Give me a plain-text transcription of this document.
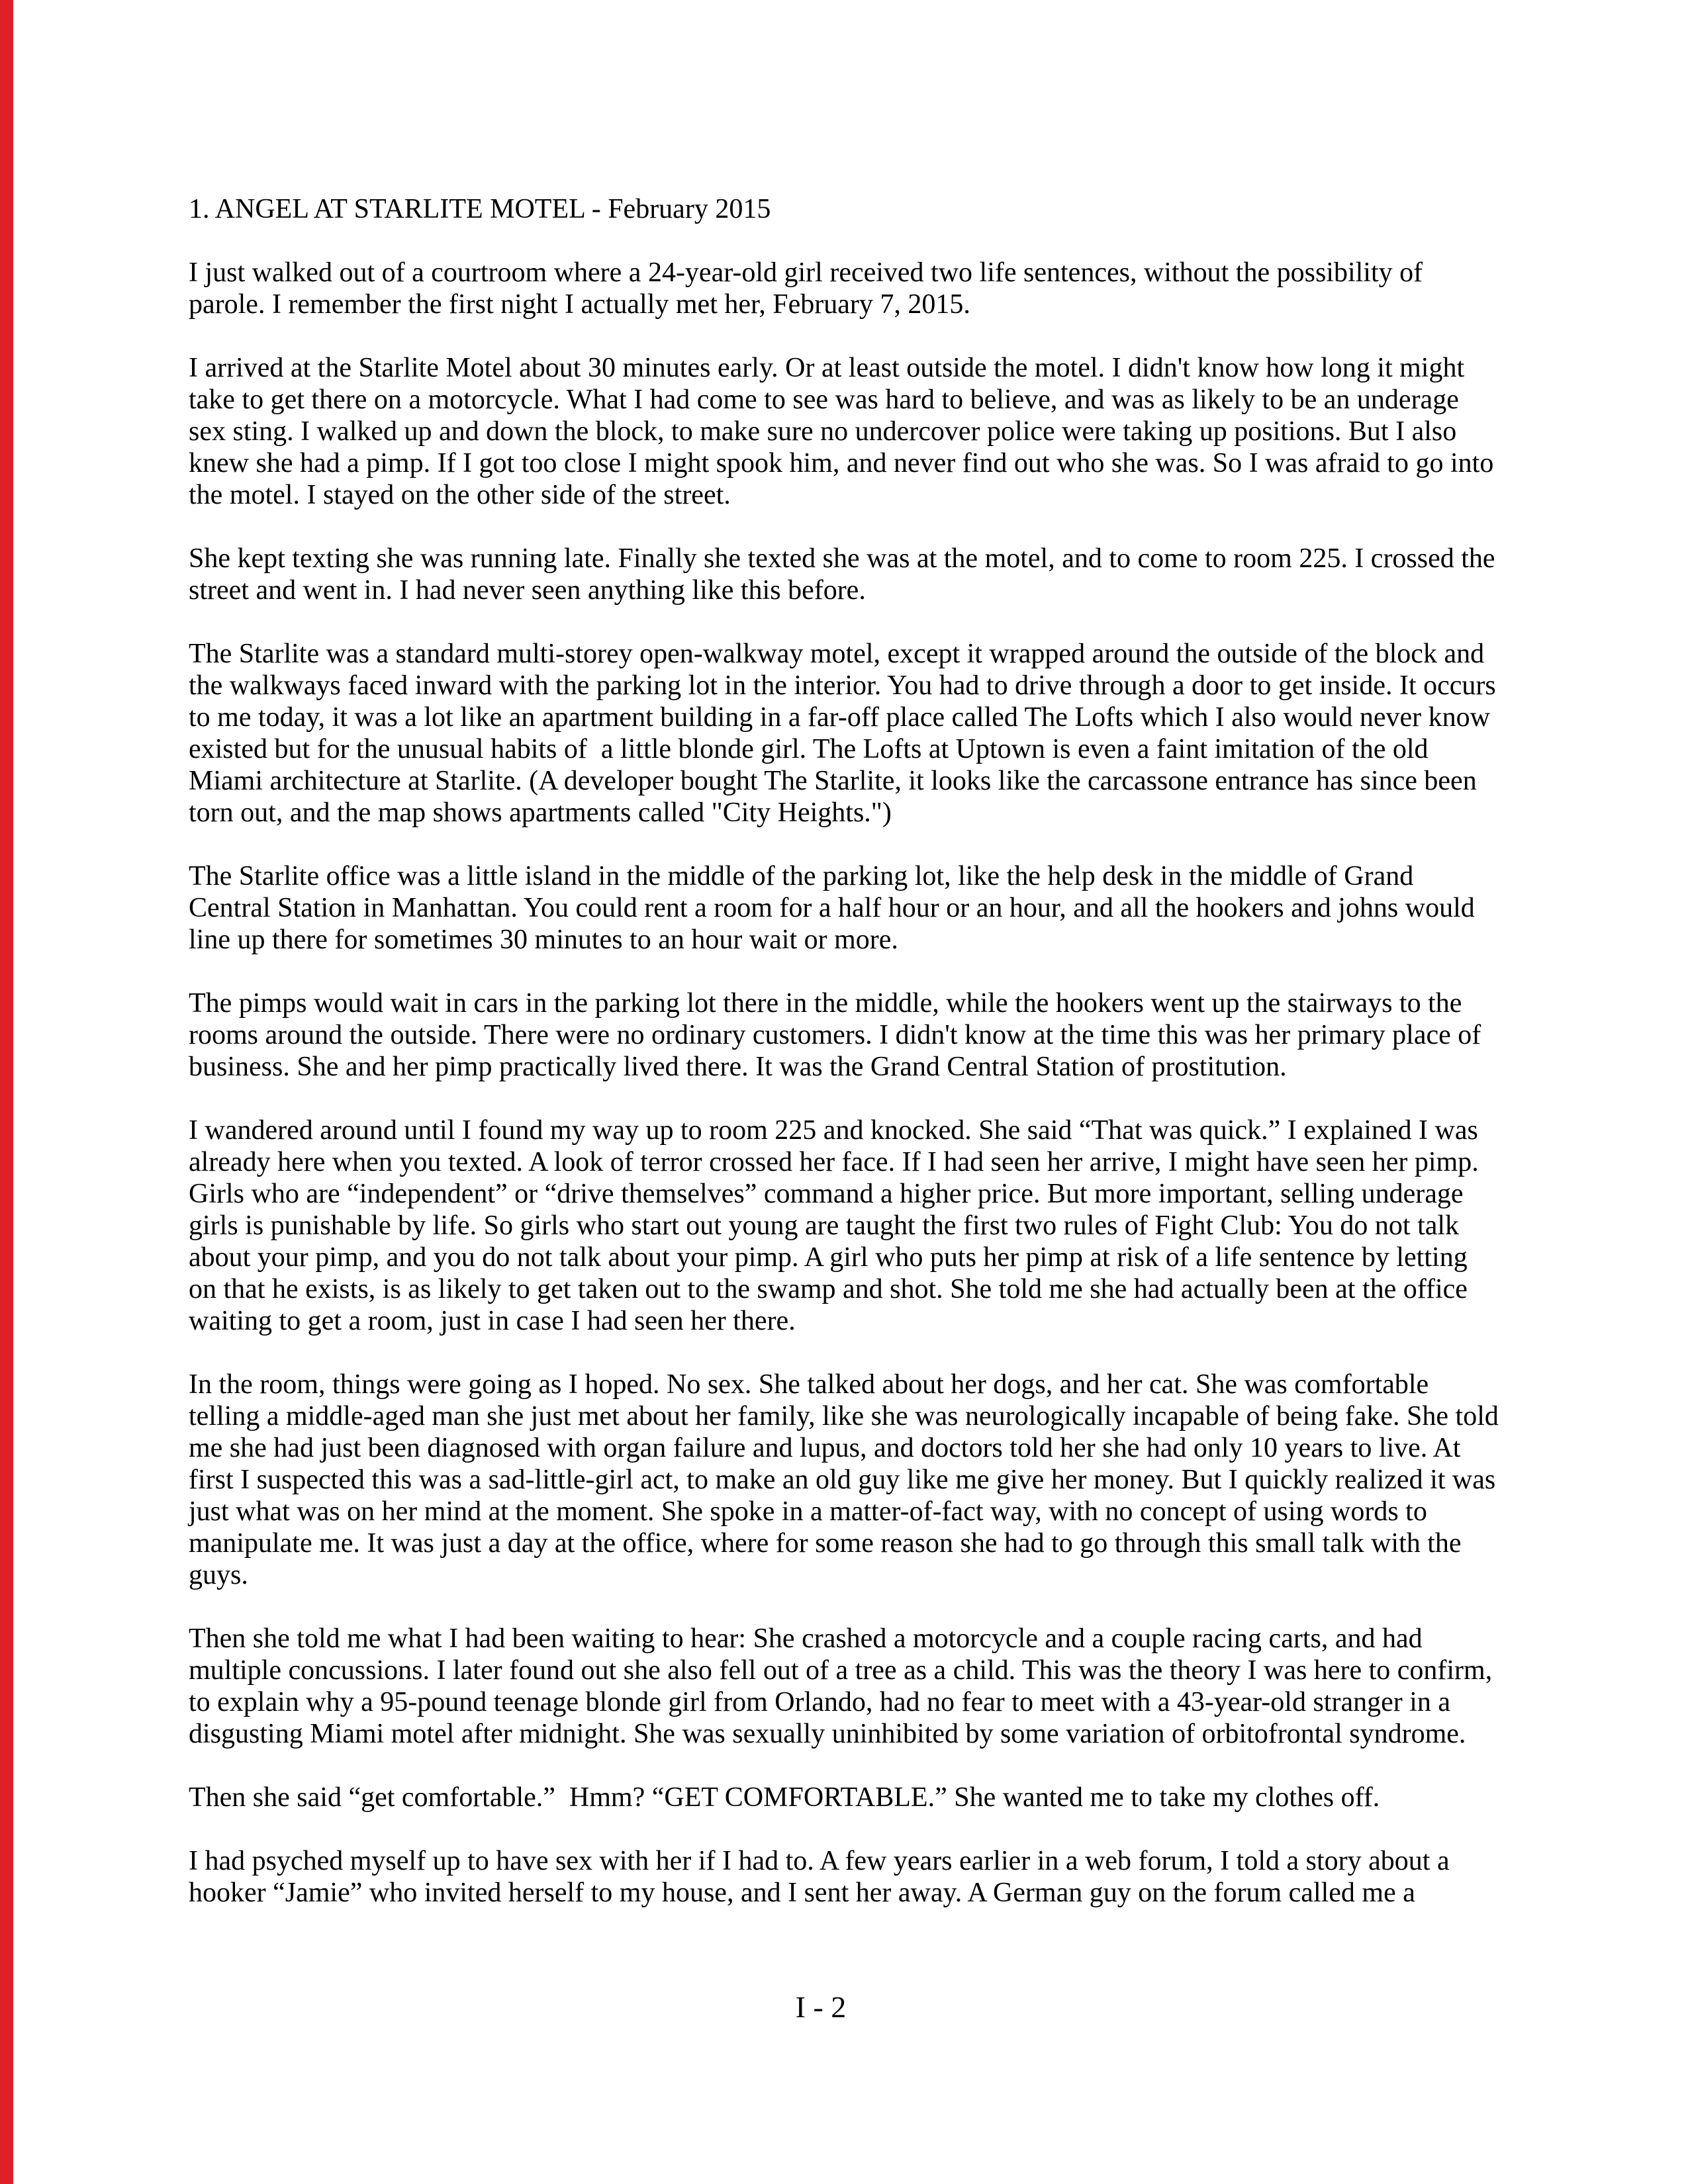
1. ANGEL AT STARLITE MOTEL - February 2015

I just walked out of a courtroom where a 24-year-old girl received two life sentences, without the possibility of parole. I remember the first night I actually met her, February 7, 2015.

I arrived at the Starlite Motel about 30 minutes early. Or at least outside the motel. I didn't know how long it might take to get there on a motorcycle. What I had come to see was hard to believe, and was as likely to be an underage sex sting. I walked up and down the block, to make sure no undercover police were taking up positions. But I also knew she had a pimp. If I got too close I might spook him, and never find out who she was. So I was afraid to go into the motel. I stayed on the other side of the street.

She kept texting she was running late. Finally she texted she was at the motel, and to come to room 225. I crossed the street and went in. I had never seen anything like this before.

The Starlite was a standard multi-storey open-walkway motel, except it wrapped around the outside of the block and the walkways faced inward with the parking lot in the interior. You had to drive through a door to get inside. It occurs to me today, it was a lot like an apartment building in a far-off place called The Lofts which I also would never know existed but for the unusual habits of  a little blonde girl. The Lofts at Uptown is even a faint imitation of the old Miami architecture at Starlite. (A developer bought The Starlite, it looks like the carcassone entrance has since been torn out, and the map shows apartments called "City Heights.")

The Starlite office was a little island in the middle of the parking lot, like the help desk in the middle of Grand Central Station in Manhattan. You could rent a room for a half hour or an hour, and all the hookers and johns would line up there for sometimes 30 minutes to an hour wait or more.

The pimps would wait in cars in the parking lot there in the middle, while the hookers went up the stairways to the rooms around the outside. There were no ordinary customers. I didn't know at the time this was her primary place of business. She and her pimp practically lived there. It was the Grand Central Station of prostitution.

I wandered around until I found my way up to room 225 and knocked. She said “That was quick.” I explained I was already here when you texted. A look of terror crossed her face. If I had seen her arrive, I might have seen her pimp. Girls who are “independent” or “drive themselves” command a higher price. But more important, selling underage girls is punishable by life. So girls who start out young are taught the first two rules of Fight Club: You do not talk about your pimp, and you do not talk about your pimp. A girl who puts her pimp at risk of a life sentence by letting on that he exists, is as likely to get taken out to the swamp and shot. She told me she had actually been at the office waiting to get a room, just in case I had seen her there.

In the room, things were going as I hoped. No sex. She talked about her dogs, and her cat. She was comfortable telling a middle-aged man she just met about her family, like she was neurologically incapable of being fake. She told me she had just been diagnosed with organ failure and lupus, and doctors told her she had only 10 years to live. At first I suspected this was a sad-little-girl act, to make an old guy like me give her money. But I quickly realized it was just what was on her mind at the moment. She spoke in a matter-of-fact way, with no concept of using words to manipulate me. It was just a day at the office, where for some reason she had to go through this small talk with the guys.

Then she told me what I had been waiting to hear: She crashed a motorcycle and a couple racing carts, and had multiple concussions. I later found out she also fell out of a tree as a child. This was the theory I was here to confirm, to explain why a 95-pound teenage blonde girl from Orlando, had no fear to meet with a 43-year-old stranger in a disgusting Miami motel after midnight. She was sexually uninhibited by some variation of orbitofrontal syndrome.

Then she said “get comfortable.”  Hmm? “GET COMFORTABLE.” She wanted me to take my clothes off.

I had psyched myself up to have sex with her if I had to. A few years earlier in a web forum, I told a story about a hooker “Jamie” who invited herself to my house, and I sent her away. A German guy on the forum called me a

I - 2
